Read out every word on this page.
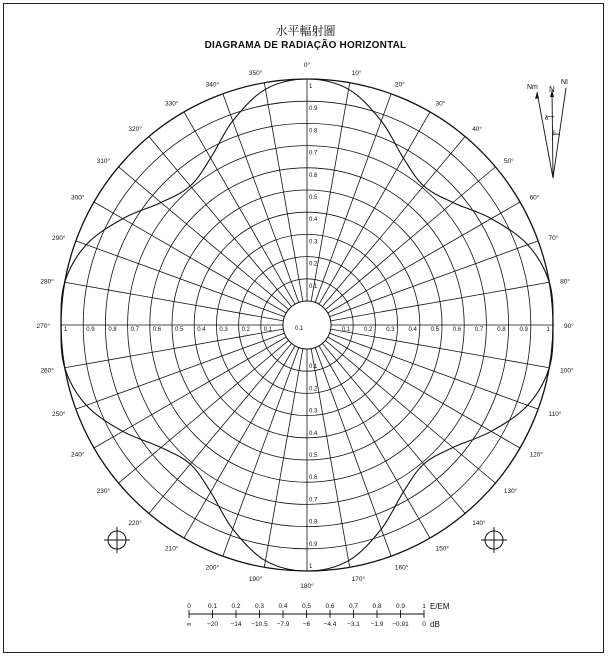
水平輻射圖
DIAGRAMA DE RADIAÇÃO HORIZONTAL
0.1
0.1
0.1
0.1
0.2
0.2
0.2
0.2
0.3
0.3
0.3
0.3
0.4
0.4
0.4
0.4
0.5
0.5
0.5
0.5
0.6
0.6
0.6
0.6
0.7
0.7
0.7
0.7
0.8
0.8
0.8
0.8
0.9
0.9
0.9
0.9
1
1
1
1	0.1
0°
10°
20°
30°
40°
50°
60°
70°
80°
90°
100°
110°
120°
130°
140°
150°
160°
170°
180°
190°
200°
210°
220°
230°
240°
250°
260°
270°
280°
290°
300°
310°
320°
330°
340°
350°
Nm N
NI
δ
ε
0
∞
0.1
−20
0.2
−14
0.3
−10.5
0.4
−7.9
0.5
−6
0.6
−4.4
0.7
−3.1
0.8
−1.9
0.9
−0.91
1
0
E/EM
dB
